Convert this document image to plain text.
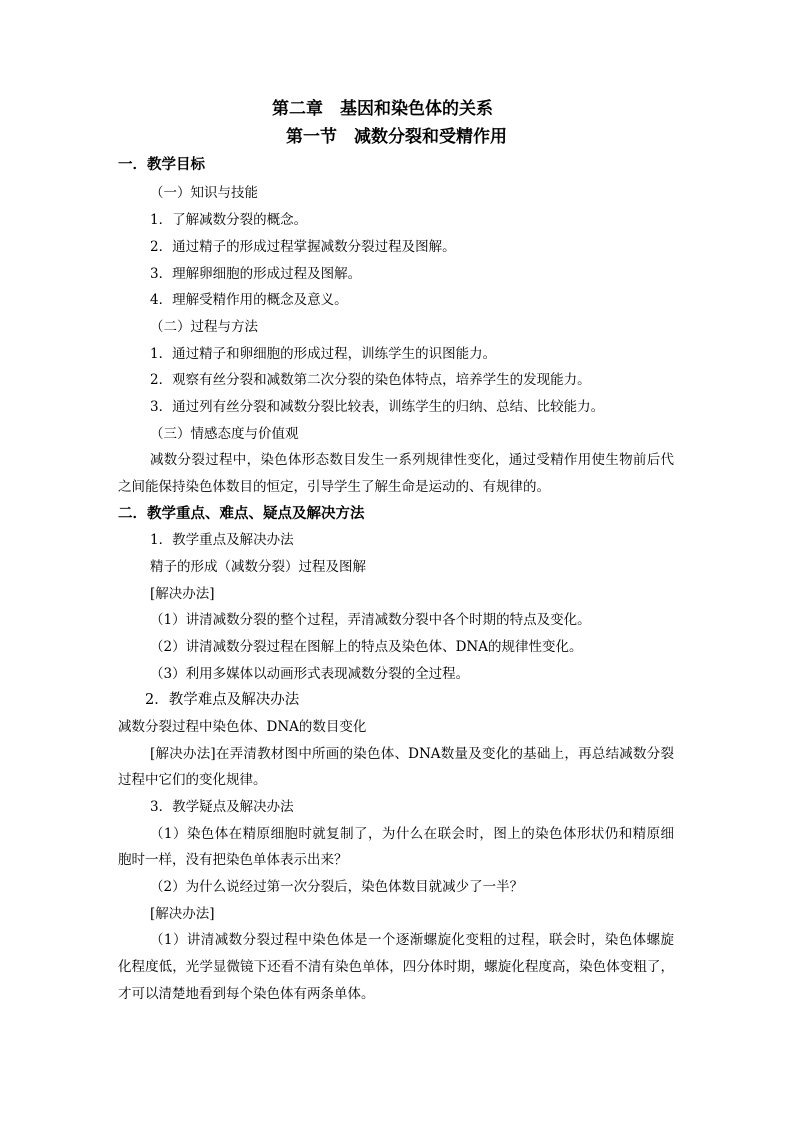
第二章　基因和染色体的关系
第一节　减数分裂和受精作用
一．教学目标
（一）知识与技能
1．了解减数分裂的概念。
2．通过精子的形成过程掌握减数分裂过程及图解。
3．理解卵细胞的形成过程及图解。
4．理解受精作用的概念及意义。
（二）过程与方法
1．通过精子和卵细胞的形成过程，训练学生的识图能力。
2．观察有丝分裂和减数第二次分裂的染色体特点，培养学生的发现能力。
3．通过列有丝分裂和减数分裂比较表，训练学生的归纳、总结、比较能力。
（三）情感态度与价值观
减数分裂过程中，染色体形态数目发生一系列规律性变化，通过受精作用使生物前后代
之间能保持染色体数目的恒定，引导学生了解生命是运动的、有规律的。
二．教学重点、难点、疑点及解决方法
1．教学重点及解决办法
精子的形成（减数分裂）过程及图解
[解决办法]
（1）讲清减数分裂的整个过程，弄清减数分裂中各个时期的特点及变化。
（2）讲清减数分裂过程在图解上的特点及染色体、DNA的规律性变化。
（3）利用多媒体以动画形式表现减数分裂的全过程。
2．教学难点及解决办法
减数分裂过程中染色体、DNA的数目变化
[解决办法]在弄清教材图中所画的染色体、DNA数量及变化的基础上，再总结减数分裂
过程中它们的变化规律。
3．教学疑点及解决办法
（1）染色体在精原细胞时就复制了，为什么在联会时，图上的染色体形状仍和精原细
胞时一样，没有把染色单体表示出来？
（2）为什么说经过第一次分裂后，染色体数目就减少了一半？
[解决办法]
（1）讲清减数分裂过程中染色体是一个逐渐螺旋化变粗的过程，联会时，染色体螺旋
化程度低，光学显微镜下还看不清有染色单体，四分体时期，螺旋化程度高，染色体变粗了，
才可以清楚地看到每个染色体有两条单体。
